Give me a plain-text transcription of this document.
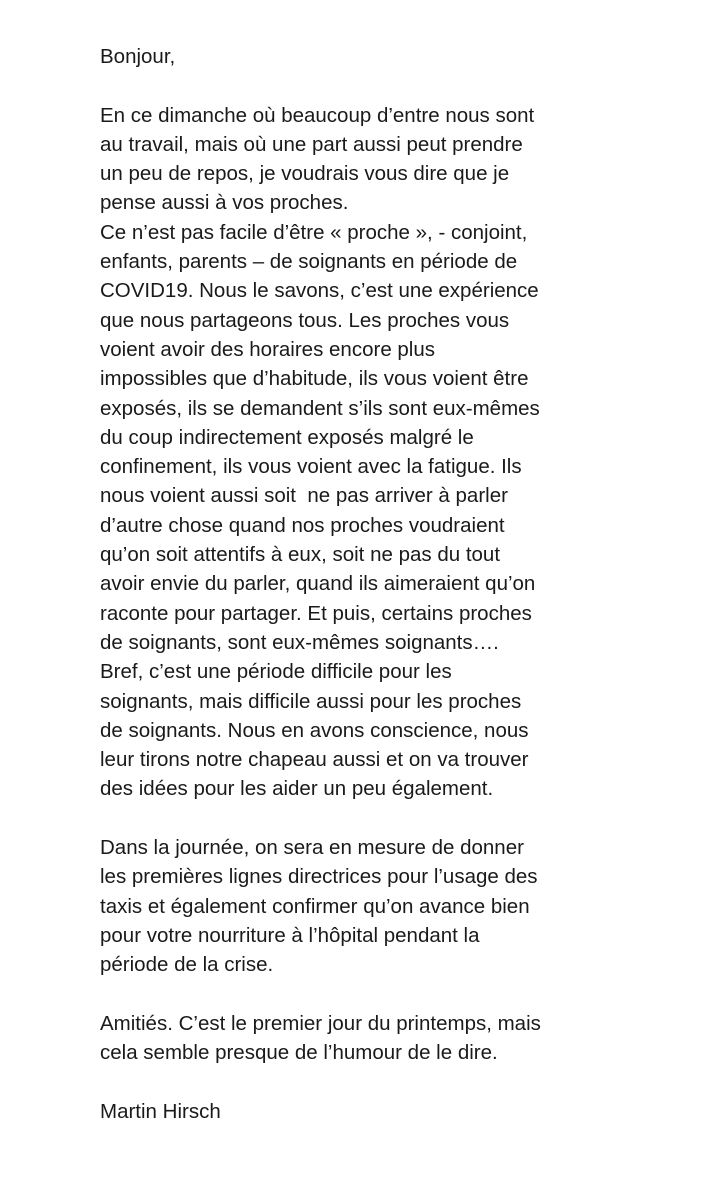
Bonjour,
En ce dimanche où beaucoup d’entre nous sont
au travail, mais où une part aussi peut prendre
un peu de repos, je voudrais vous dire que je
pense aussi à vos proches.
Ce n’est pas facile d’être « proche », - conjoint,
enfants, parents – de soignants en période de
COVID19. Nous le savons, c’est une expérience
que nous partageons tous. Les proches vous
voient avoir des horaires encore plus
impossibles que d’habitude, ils vous voient être
exposés, ils se demandent s’ils sont eux-mêmes
du coup indirectement exposés malgré le
confinement, ils vous voient avec la fatigue. Ils
nous voient aussi soit  ne pas arriver à parler
d’autre chose quand nos proches voudraient
qu’on soit attentifs à eux, soit ne pas du tout
avoir envie du parler, quand ils aimeraient qu’on
raconte pour partager. Et puis, certains proches
de soignants, sont eux-mêmes soignants….
Bref, c’est une période difficile pour les
soignants, mais difficile aussi pour les proches
de soignants. Nous en avons conscience, nous
leur tirons notre chapeau aussi et on va trouver
des idées pour les aider un peu également.
Dans la journée, on sera en mesure de donner
les premières lignes directrices pour l’usage des
taxis et également confirmer qu’on avance bien
pour votre nourriture à l’hôpital pendant la
période de la crise.
Amitiés. C’est le premier jour du printemps, mais
cela semble presque de l’humour de le dire.
Martin Hirsch
